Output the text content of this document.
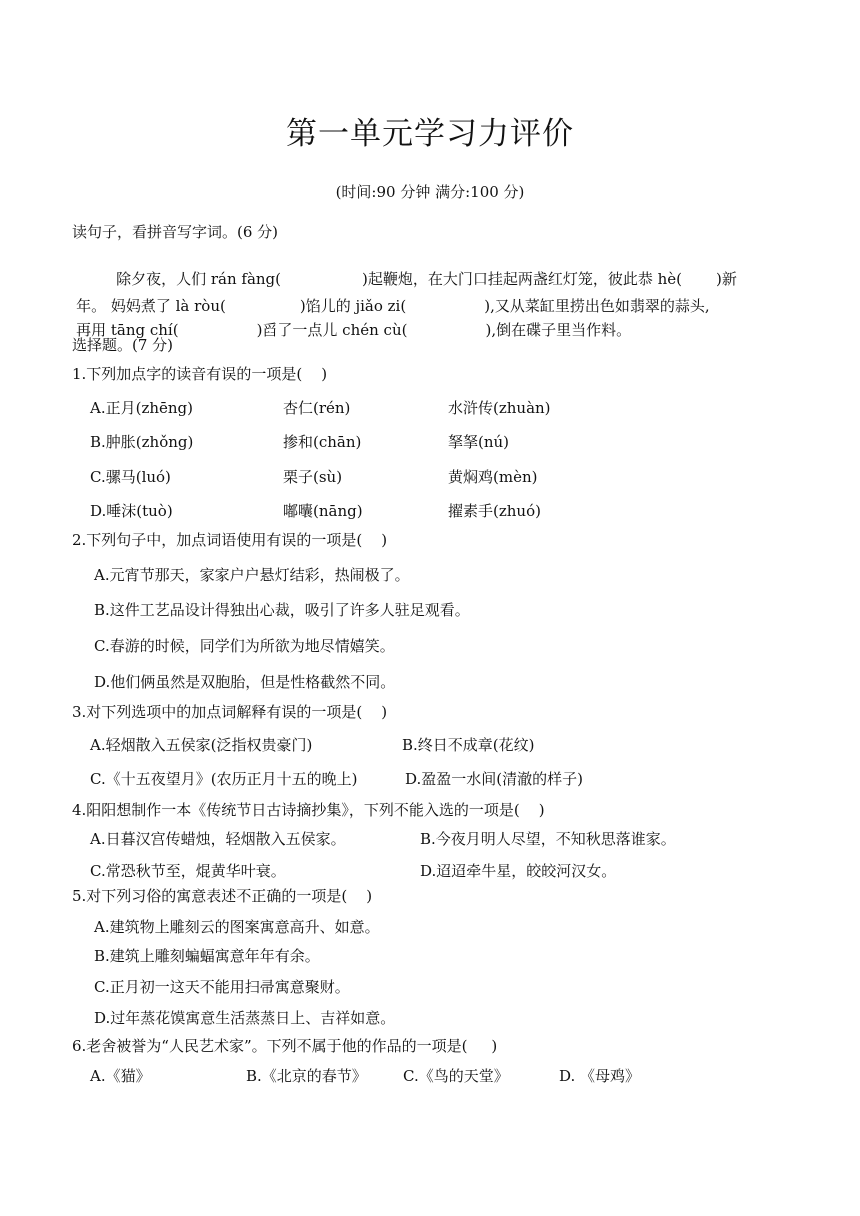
第一单元学习力评价
(时间:90 分钟 满分:100 分)
读句子，看拼音写字词。(6 分)

除夕夜，人们 rán fàng(	)起鞭炮，在大门口挂起两盏红灯笼，彼此恭 hè( )新

年。 妈妈煮了 là ròu(	)馅儿的 jiǎo zi(	),又从菜缸里捞出色如翡翠的蒜头,

再用 tāng chí(	)舀了一点儿 chén cù(	),倒在碟子里当作料。

选择题。(7 分)
1.下列加点字的读音有误的一项是(    )
A.正月(zhēng)	杏仁(rén)	水浒传(zhuàn)
B.肿胀(zhǒng)	掺和(chān)	拏拏(nú)
C.骡马(luó)	栗子(sù)	黄焖鸡(mèn)
D.唾沫(tuò)	嘟囔(nāng)	擢素手(zhuó)
2.下列句子中，加点词语使用有误的一项是(    )
A.元宵节那天，家家户户悬灯结彩，热闹极了。
B.这件工艺品设计得独出心裁，吸引了许多人驻足观看。
C.春游的时候，同学们为所欲为地尽情嬉笑。
D.他们俩虽然是双胞胎，但是性格截然不同。
3.对下列选项中的加点词解释有误的一项是(    )
A.轻烟散入五侯家(泛指权贵豪门)	B.终日不成章(花纹)
C.《十五夜望月》(农历正月十五的晚上)	D.盈盈一水间(清澈的样子)
4.阳阳想制作一本《传统节日古诗摘抄集》，下列不能入选的一项是(    )
A.日暮汉宫传蜡烛，轻烟散入五侯家。	B.今夜月明人尽望，不知秋思落谁家。
C.常恐秋节至，焜黄华叶衰。	D.迢迢牵牛星，皎皎河汉女。
5.对下列习俗的寓意表述不正确的一项是(    )
A.建筑物上雕刻云的图案寓意高升、如意。
B.建筑上雕刻蝙蝠寓意年年有余。
C.正月初一这天不能用扫帚寓意聚财。
D.过年蒸花馍寓意生活蒸蒸日上、吉祥如意。
6.老舍被誉为“人民艺术家”。下列不属于他的作品的一项是(     )
A.《猫》	B.《北京的春节》 C.《鸟的天堂》	D. 《母鸡》
